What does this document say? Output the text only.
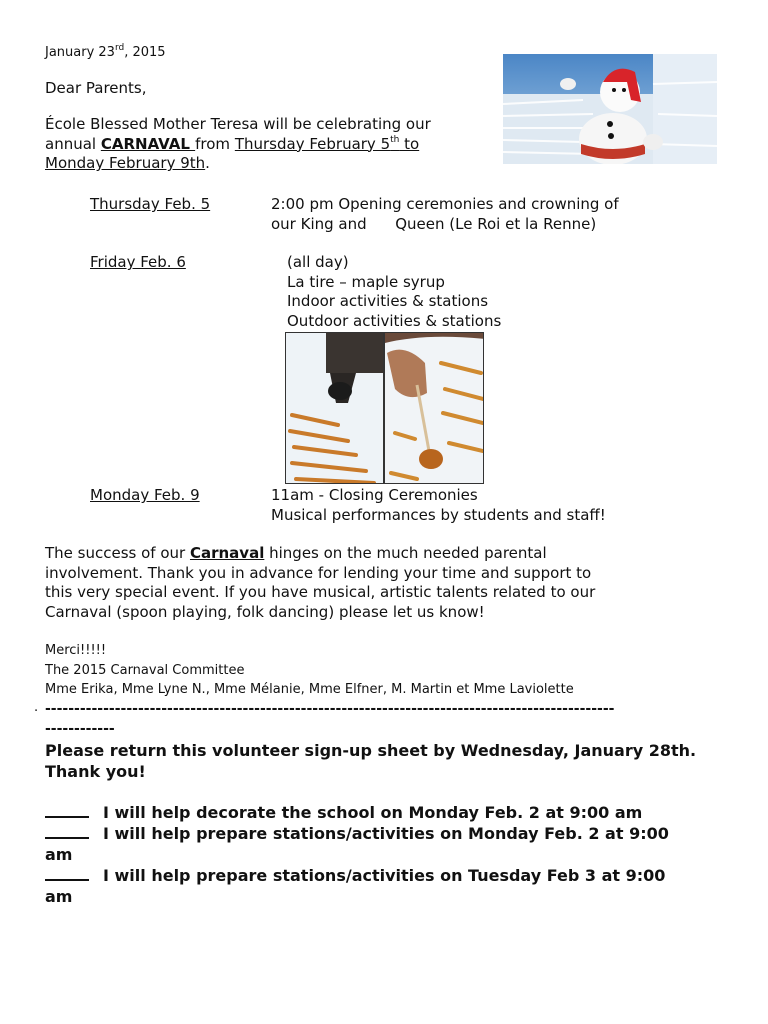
January 23rd, 2015
Dear Parents,
École Blessed Mother Teresa will be celebrating our
annual CARNAVAL from Thursday February 5th to
Monday February 9th.
Thursday Feb. 5	2:00 pm Opening ceremonies and crowning of
our King and      Queen (Le Roi et la Renne)
Friday Feb. 6	(all day)
La tire – maple syrup
Indoor activities & stations
Outdoor activities & stations
Monday Feb. 9	11am - Closing Ceremonies
Musical performances by students and staff!
The success of our Carnaval hinges on the much needed parental
involvement. Thank you in advance for lending your time and support to
this very special event. If you have musical, artistic talents related to our
Carnaval (spoon playing, folk dancing) please let us know!
Merci!!!!!
The 2015 Carnaval Committee
Mme Erika, Mme Lyne N., Mme Mélanie, Mme Elfner, M. Martin et Mme Laviolette
· --------------------------------------------------------------------------------------------------
------------
Please return this volunteer sign-up sheet by Wednesday, January 28th.
Thank you!
I will help decorate the school on Monday Feb. 2 at 9:00 am
I will help prepare stations/activities on Monday Feb. 2 at 9:00
am
I will help prepare stations/activities on Tuesday Feb 3 at 9:00
am
